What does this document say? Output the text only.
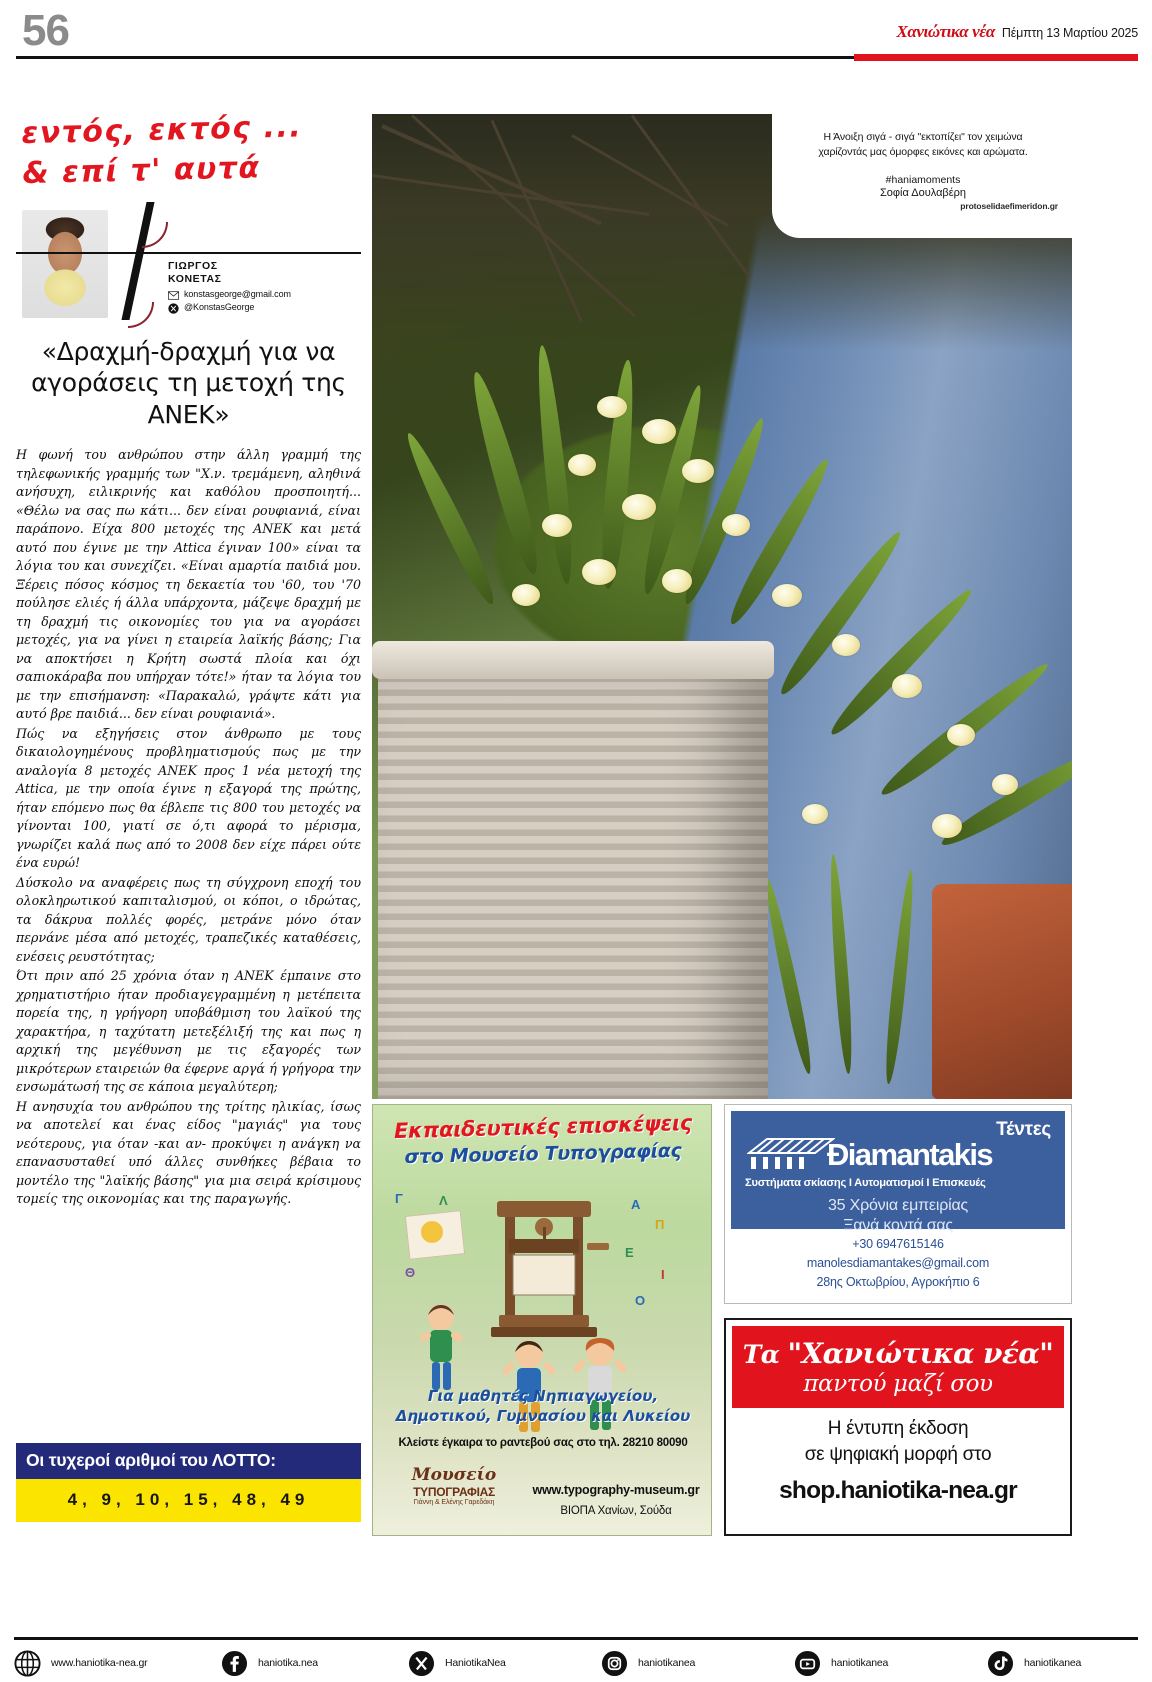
56	Χανιώτικα νέα Πέμπτη 13 Μαρτίου 2025
εντός, εκτός ...
& επί τ' αυτά
ΓΙΩΡΓΟΣ
ΚΟΝΕΤΑΣ
konstasgeorge@gmail.com
@KonstasGeorge
«Δραχμή-δραχμή για να αγοράσεις τη μετοχή της ΑΝΕΚ»

Η φωνή του ανθρώπου στην άλλη γραμμή της τηλεφωνικής γραμμής των "Χ.ν. τρεμάμενη, αληθινά ανήσυχη, ειλικρινής και καθόλου προσποιητή... «Θέλω να σας πω κάτι... δεν είναι ρουφιανιά, είναι παράπονο. Είχα 800 μετοχές της ΑΝΕΚ και μετά αυτό που έγινε με την Attica έγιναν 100» είναι τα λόγια του και συνεχίζει. «Είναι αμαρτία παιδιά μου. Ξέρεις πόσος κόσμος τη δεκαετία του '60, του '70 πούλησε ελιές ή άλλα υπάρχοντα, μάζεψε δραχμή με τη δραχμή τις οικονομίες του για να αγοράσει μετοχές, για να γίνει η εταιρεία λαϊκής βάσης; Για να αποκτήσει η Κρήτη σωστά πλοία και όχι σαπιοκάραβα που υπήρχαν τότε!» ήταν τα λόγια του με την επισήμανση: «Παρακαλώ, γράψτε κάτι για αυτό βρε παιδιά... δεν είναι ρουφιανιά».

Πώς να εξηγήσεις στον άνθρωπο με τους δικαιολογημένους προβληματισμούς πως με την αναλογία 8 μετοχές ΑΝΕΚ προς 1 νέα μετοχή της Attica, με την οποία έγινε η εξαγορά της πρώτης, ήταν επόμενο πως θα έβλεπε τις 800 του μετοχές να γίνονται 100, γιατί σε ό,τι αφορά το μέρισμα, γνωρίζει καλά πως από το 2008 δεν είχε πάρει ούτε ένα ευρώ!

Δύσκολο να αναφέρεις πως τη σύγχρονη εποχή του ολοκληρωτικού καπιταλισμού, οι κόποι, ο ιδρώτας, τα δάκρυα πολλές φορές, μετράνε μόνο όταν περνάνε μέσα από μετοχές, τραπεζικές καταθέσεις, ενέσεις ρευστότητας;

Ότι πριν από 25 χρόνια όταν η ΑΝΕΚ έμπαινε στο χρηματιστήριο ήταν προδιαγεγραμμένη η μετέπειτα πορεία της, η γρήγορη υποβάθμιση του λαϊκού της χαρακτήρα, η ταχύτατη μετεξέλιξή της και πως η αρχική της μεγέθυνση με τις εξαγορές των μικρότερων εταιρειών θα έφερνε αργά ή γρήγορα την ενσωμάτωσή της σε κάποια μεγαλύτερη;

Η ανησυχία του ανθρώπου της τρίτης ηλικίας, ίσως να αποτελεί και ένας είδος "μαγιάς" για τους νεότερους, για όταν -και αν- προκύψει η ανάγκη να επανασυσταθεί υπό άλλες συνθήκες βέβαια το μοντέλο της "λαϊκής βάσης" για μια σειρά κρίσιμους τομείς της οικονομίας και της παραγωγής.

Οι τυχεροί αριθμοί του ΛΟΤΤΟ:
4, 9, 10, 15, 48, 49
Η Άνοιξη σιγά - σιγά "εκτοπίζει" τον χειμώνα
χαρίζοντάς μας όμορφες εικόνες και αρώματα.
#haniamoments
Σοφία Δουλαβέρη
protoselidaefimeridon.gr
Εκπαιδευτικές επισκέψεις
στο Μουσείο Τυπογραφίας
Γ	Λ	Α
Π
Ε
Ι
Θ
Ο
Για μαθητές Νηπιαγωγείου, Δημοτικού, Γυμνασίου και Λυκείου
Κλείστε έγκαιρα το ραντεβού σας στο τηλ. 28210 80090
Μουσείο
ΤΥΠΟΓΡΑΦΙΑΣ
Γιάννη & Ελένης Γαρεδάκη
www.typography-museum.gr
ΒΙΟΠΑ Χανίων, Σούδα
Τέντες
Điamantakis
Συστήματα σκίασης Ι Αυτοματισμοί Ι Επισκευές
35 Χρόνια εμπειρίας
Ξανά κοντά σας
+30 6947615146
manolesdiamantakes@gmail.com
28ης Οκτωβρίου, Αγροκήπιο 6
Τα "Χανιώτικα νέα"
παντού μαζί σου
Η έντυπη έκδοση
σε ψηφιακή μορφή στο
shop.haniotika-nea.gr
www.haniotika-nea.gr	haniotika.nea	HaniotikaNea	haniotikanea	haniotikanea	haniotikanea
